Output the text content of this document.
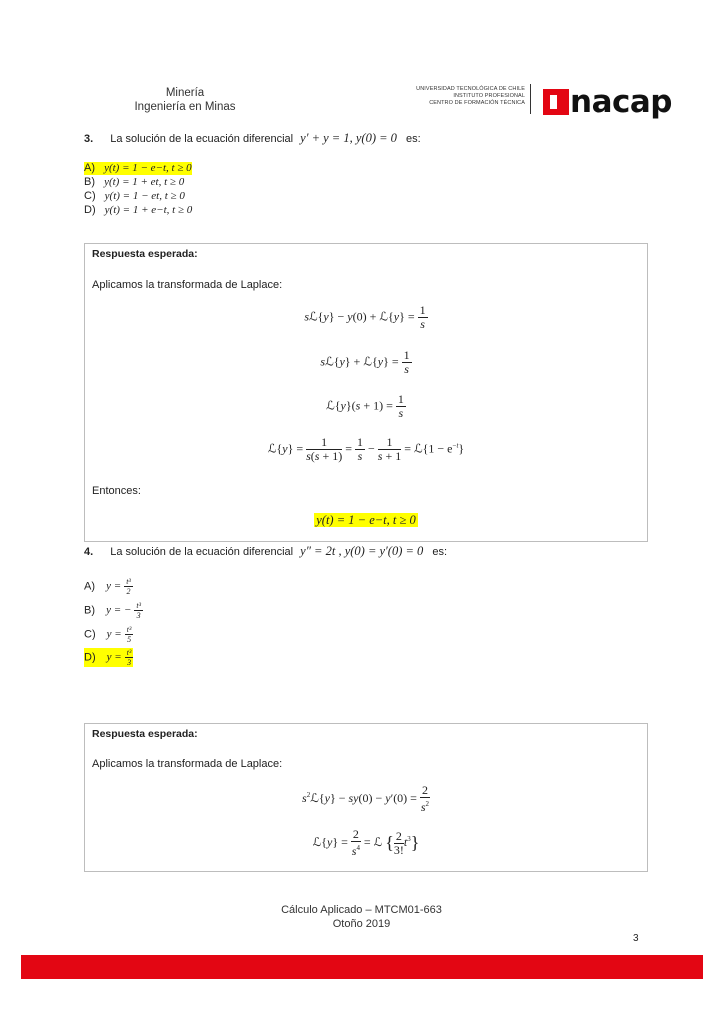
Minería
Ingeniería en Minas
UNIVERSIDAD TECNOLÓGICA DE CHILE
INSTITUTO PROFESIONAL
CENTRO DE FORMACIÓN TÉCNICA nacap
3. La solución de la ecuación diferencial y′ + y = 1, y(0) = 0 es:
A) y(t) = 1 − e−t, t ≥ 0
B) y(t) = 1 + et, t ≥ 0
C) y(t) = 1 − et, t ≥ 0
D) y(t) = 1 + e−t, t ≥ 0
Respuesta esperada:
Aplicamos la transformada de Laplace:
sℒ{y} − y(0) + ℒ{y} = $\frac{1}{s}$
sℒ{y} + ℒ{y} = $\frac{1}{s}$
ℒ{y}(s + $1) = \frac{1}{s}$
ℒ{y} = $\frac{1}{s(s + 1)} = \frac{1}{s} - \frac{1}{s + 1}$ = ℒ{1 − $e^{-t}$}
Entonces:
y(t) = 1 − e−t, t ≥ 0
4. La solución de la ecuación diferencial y″ = 2t , y(0) = y′(0) = 0 es:
A) $y = \frac{\text{t³}}{2}$
B) y = − $\frac{\text{t³}}{3}$
C) $y = \frac{\text{t³}}{5}$
D) $y = \frac{\text{t³}}{3}$
Respuesta esperada:
Aplicamos la transformada de Laplace:
$s^2ℒ\{y\} - sy(0) - y'(0) = \frac{2}{s^2}$
ℒ{y} = $\frac{2}{s^4}$ = ℒ { $\frac{2}{3!} t^3$}
Cálculo Aplicado – MTCM01-663
Otoño 2019
3
